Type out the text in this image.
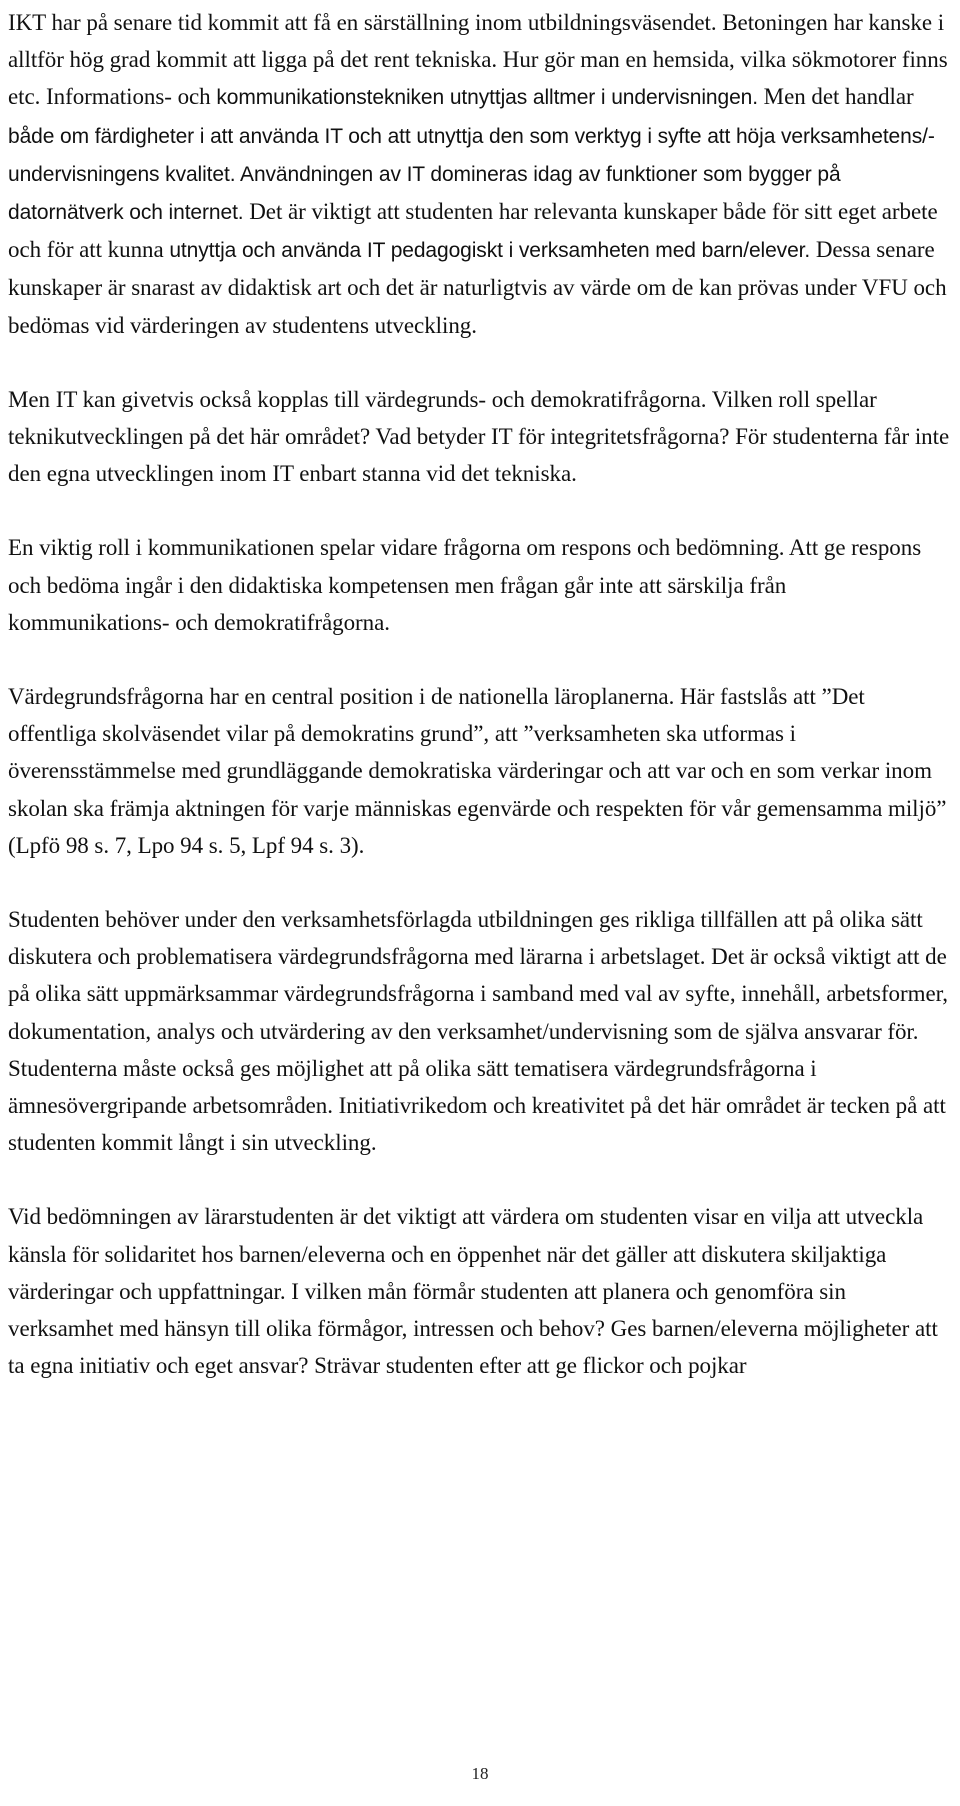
IKT har på senare tid kommit att få en särställning inom utbildningsväsendet. Betoningen har kanske i alltför hög grad kommit att ligga på det rent tekniska. Hur gör man en hemsida, vilka sökmotorer finns etc. Informations- och kommunikationstekniken utnyttjas alltmer i undervisningen. Men det handlar både om färdigheter i att använda IT och att utnyttja den som verktyg i syfte att höja verksamhetens/-undervisningens kvalitet. Användningen av IT domineras idag av funktioner som bygger på datornätverk och internet. Det är viktigt att studenten har relevanta kunskaper både för sitt eget arbete och för att kunna utnyttja och använda IT pedagogiskt i verksamheten med barn/elever. Dessa senare kunskaper är snarast av didaktisk art och det är naturligtvis av värde om de kan prövas under VFU och bedömas vid värderingen av studentens utveckling.

Men IT kan givetvis också kopplas till värdegrunds- och demokratifrågorna. Vilken roll spellar teknikutvecklingen på det här området? Vad betyder IT för integritetsfrågorna? För studenterna får inte den egna utvecklingen inom IT enbart stanna vid det tekniska.

En viktig roll i kommunikationen spelar vidare frågorna om respons och bedömning. Att ge respons och bedöma ingår i den didaktiska kompetensen men frågan går inte att särskilja från kommunikations- och demokratifrågorna.

Värdegrundsfrågorna har en central position i de nationella läroplanerna. Här fastslås att ”Det offentliga skolväsendet vilar på demokratins grund”, att ”verksamheten ska utformas i överensstämmelse med grundläggande demokratiska värderingar och att var och en som verkar inom skolan ska främja aktningen för varje människas egenvärde och respekten för vår gemensamma miljö” (Lpfö 98 s. 7, Lpo 94 s. 5, Lpf 94 s. 3).

Studenten behöver under den verksamhetsförlagda utbildningen ges rikliga tillfällen att på olika sätt diskutera och problematisera värdegrundsfrågorna med lärarna i arbetslaget. Det är också viktigt att de på olika sätt uppmärksammar värdegrundsfrågorna i samband med val av syfte, innehåll, arbetsformer, dokumentation, analys och utvärdering av den verksamhet/undervisning som de själva ansvarar för. Studenterna måste också ges möjlighet att på olika sätt tematisera värdegrundsfrågorna i ämnesövergripande arbetsområden. Initiativrikedom och kreativitet på det här området är tecken på att studenten kommit långt i sin utveckling.

Vid bedömningen av lärarstudenten är det viktigt att värdera om studenten visar en vilja att utveckla känsla för solidaritet hos barnen/eleverna och en öppenhet när det gäller att diskutera skiljaktiga värderingar och uppfattningar. I vilken mån förmår studenten att planera och genomföra sin verksamhet med hänsyn till olika förmågor, intressen och behov? Ges barnen/eleverna möjligheter att ta egna initiativ och eget ansvar? Strävar studenten efter att ge flickor och pojkar

18
